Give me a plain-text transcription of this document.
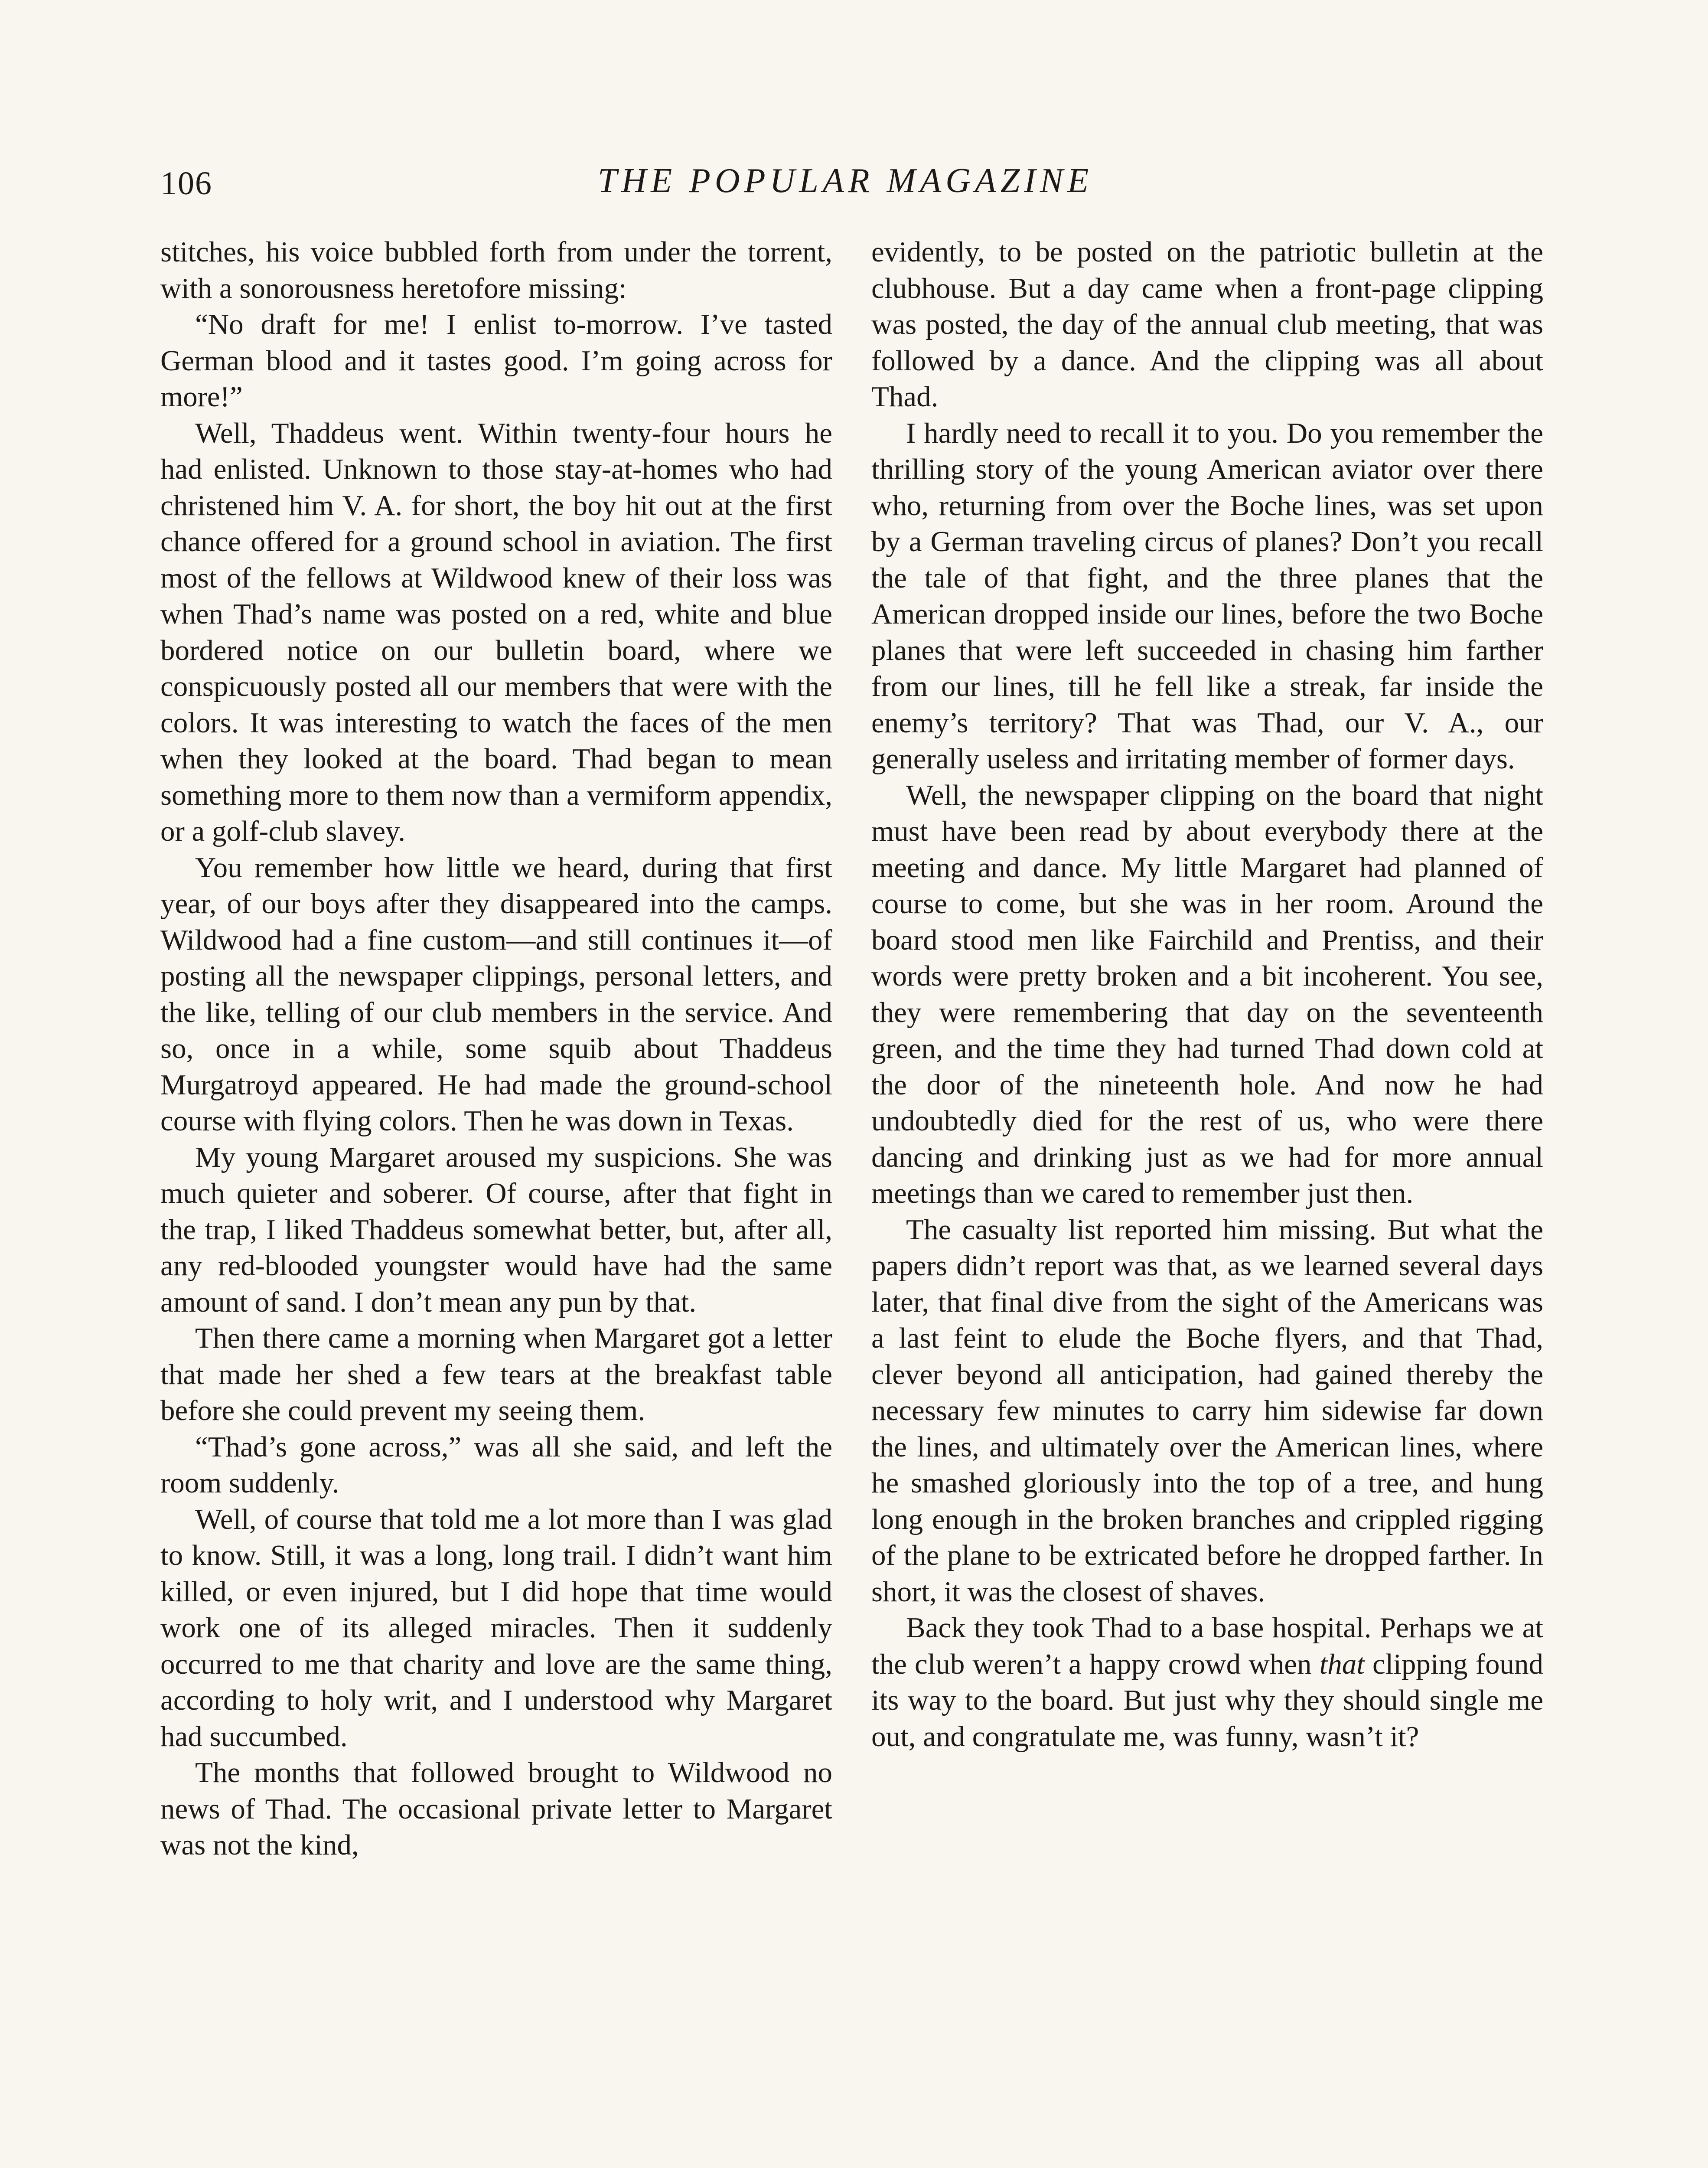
106	THE POPULAR MAGAZINE

stitches, his voice bubbled forth from under the torrent, with a sonorousness heretofore missing:

“No draft for me! I enlist to-morrow. I’ve tasted German blood and it tastes good. I’m going across for more!”

Well, Thaddeus went. Within twenty-four hours he had enlisted. Unknown to those stay-at-homes who had christened him V. A. for short, the boy hit out at the first chance offered for a ground school in aviation. The first most of the fellows at Wildwood knew of their loss was when Thad’s name was posted on a red, white and blue bordered notice on our bulletin board, where we conspicuously posted all our members that were with the colors. It was interesting to watch the faces of the men when they looked at the board. Thad began to mean something more to them now than a vermiform appendix, or a golf-club slavey.

You remember how little we heard, during that first year, of our boys after they disappeared into the camps. Wildwood had a fine custom—and still continues it—of posting all the newspaper clippings, personal letters, and the like, telling of our club members in the service. And so, once in a while, some squib about Thaddeus Murgatroyd appeared. He had made the ground-school course with flying colors. Then he was down in Texas.

My young Margaret aroused my suspicions. She was much quieter and soberer. Of course, after that fight in the trap, I liked Thaddeus somewhat better, but, after all, any red-blooded youngster would have had the same amount of sand. I don’t mean any pun by that.

Then there came a morning when Margaret got a letter that made her shed a few tears at the breakfast table before she could prevent my seeing them.

“Thad’s gone across,” was all she said, and left the room suddenly.

Well, of course that told me a lot more than I was glad to know. Still, it was a long, long trail. I didn’t want him killed, or even injured, but I did hope that time would work one of its alleged miracles. Then it suddenly occurred to me that charity and love are the same thing, according to holy writ, and I understood why Margaret had succumbed.

The months that followed brought to Wildwood no news of Thad. The occasional private letter to Margaret was not the kind,

evidently, to be posted on the patriotic bulletin at the clubhouse. But a day came when a front-page clipping was posted, the day of the annual club meeting, that was followed by a dance. And the clipping was all about Thad.

I hardly need to recall it to you. Do you remember the thrilling story of the young American aviator over there who, returning from over the Boche lines, was set upon by a German traveling circus of planes? Don’t you recall the tale of that fight, and the three planes that the American dropped inside our lines, before the two Boche planes that were left succeeded in chasing him farther from our lines, till he fell like a streak, far inside the enemy’s territory? That was Thad, our V. A., our generally useless and irritating member of former days.

Well, the newspaper clipping on the board that night must have been read by about everybody there at the meeting and dance. My little Margaret had planned of course to come, but she was in her room. Around the board stood men like Fairchild and Prentiss, and their words were pretty broken and a bit incoherent. You see, they were remembering that day on the seventeenth green, and the time they had turned Thad down cold at the door of the nineteenth hole. And now he had undoubtedly died for the rest of us, who were there dancing and drinking just as we had for more annual meetings than we cared to remember just then.

The casualty list reported him missing. But what the papers didn’t report was that, as we learned several days later, that final dive from the sight of the Americans was a last feint to elude the Boche flyers, and that Thad, clever beyond all anticipation, had gained thereby the necessary few minutes to carry him sidewise far down the lines, and ultimately over the American lines, where he smashed gloriously into the top of a tree, and hung long enough in the broken branches and crippled rigging of the plane to be extricated before he dropped farther. In short, it was the closest of shaves.

Back they took Thad to a base hospital. Perhaps we at the club weren’t a happy crowd when that clipping found its way to the board. But just why they should single me out, and congratulate me, was funny, wasn’t it?
